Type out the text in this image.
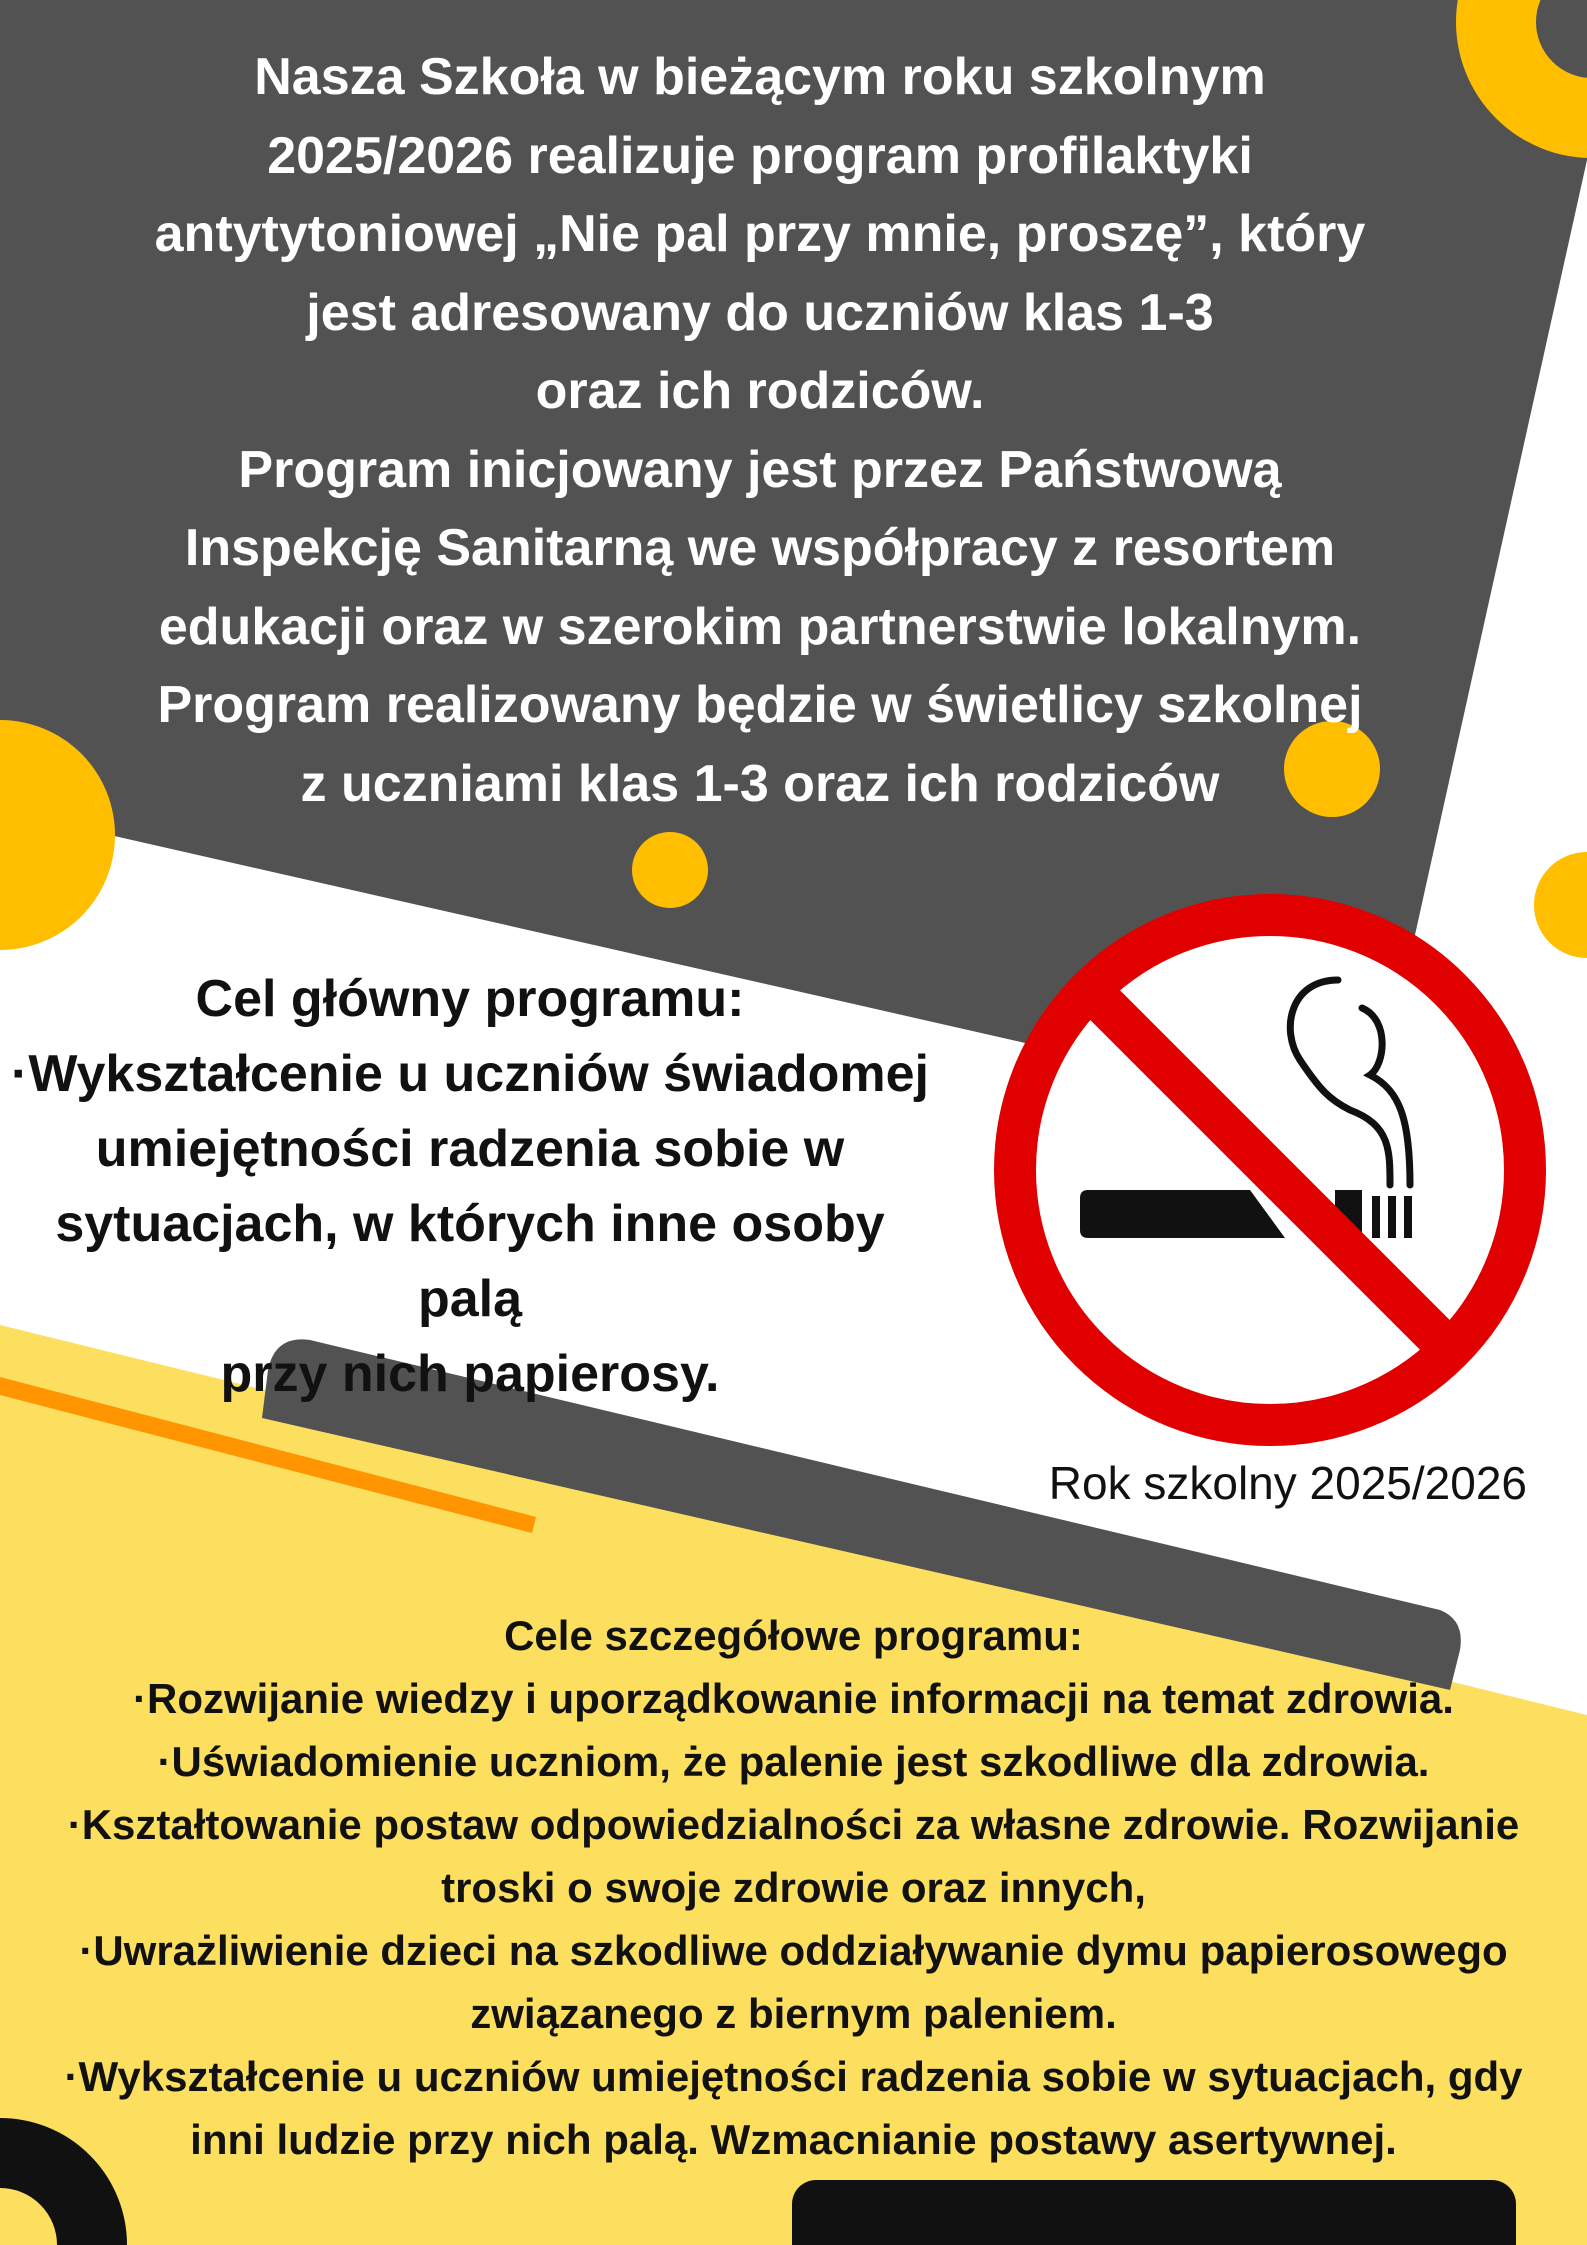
Nasza Szkoła w bieżącym roku szkolnym

2025/2026 realizuje program profilaktyki

antytytoniowej „Nie pal przy mnie, proszę”, który

jest adresowany do uczniów klas 1-3

oraz ich rodziców.

Program inicjowany jest przez Państwową

Inspekcję Sanitarną we współpracy z resortem

edukacji oraz w szerokim partnerstwie lokalnym.

Program realizowany będzie w świetlicy szkolnej

z uczniami klas 1-3 oraz ich rodziców

Cel główny programu:

·Wykształcenie u uczniów świadomej

umiejętności radzenia sobie w

sytuacjach, w których inne osoby palą

przy nich papierosy.

Rok szkolny 2025/2026

Cele szczegółowe programu:

·Rozwijanie wiedzy i uporządkowanie informacji na temat zdrowia.

·Uświadomienie uczniom, że palenie jest szkodliwe dla zdrowia.

·Kształtowanie postaw odpowiedzialności za własne zdrowie. Rozwijanie

troski o swoje zdrowie oraz innych,

·Uwrażliwienie dzieci na szkodliwe oddziaływanie dymu papierosowego

związanego z biernym paleniem.

·Wykształcenie u uczniów umiejętności radzenia sobie w sytuacjach, gdy

inni ludzie przy nich palą. Wzmacnianie postawy asertywnej.
